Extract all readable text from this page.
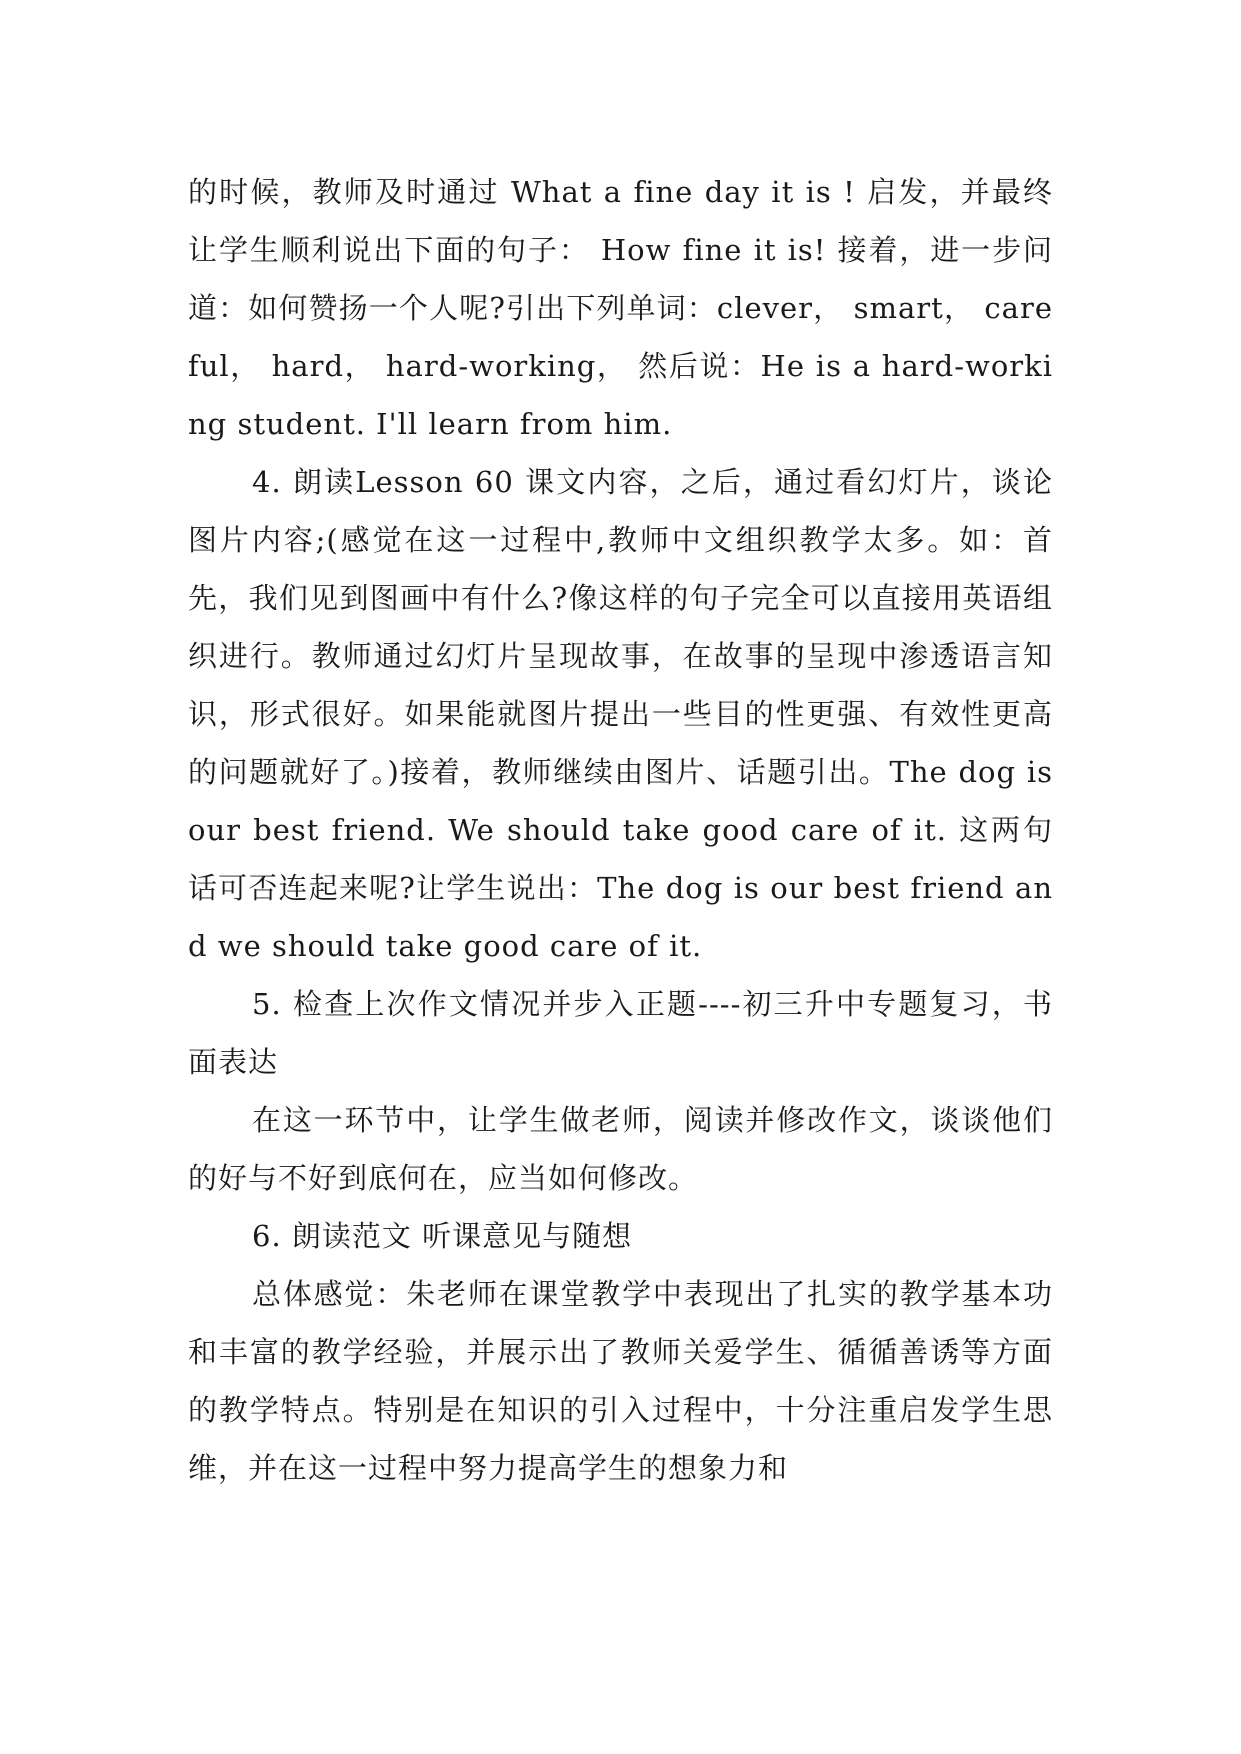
的时候，教师及时通过 What a fine day it is ! 启发，并最终让学生顺利说出下面的句子： How fine it is! 接着，进一步问道：如何赞扬一个人呢?引出下列单词：clever， smart， careful， hard， hard-working， 然后说：He is a hard-working student. I'll learn from him.

4. 朗读Lesson 60 课文内容，之后，通过看幻灯片，谈论图片内容;(感觉在这一过程中,教师中文组织教学太多。如：首先，我们见到图画中有什么?像这样的句子完全可以直接用英语组织进行。教师通过幻灯片呈现故事，在故事的呈现中渗透语言知识，形式很好。如果能就图片提出一些目的性更强、有效性更高的问题就好了。)接着，教师继续由图片、话题引出。The dog is our best friend. We should take good care of it. 这两句话可否连起来呢?让学生说出：The dog is our best friend and we should take good care of it.

5. 检查上次作文情况并步入正题----初三升中专题复习，书面表达

在这一环节中，让学生做老师，阅读并修改作文，谈谈他们的好与不好到底何在，应当如何修改。

6. 朗读范文 听课意见与随想

总体感觉：朱老师在课堂教学中表现出了扎实的教学基本功和丰富的教学经验，并展示出了教师关爱学生、循循善诱等方面的教学特点。特别是在知识的引入过程中，十分注重启发学生思维，并在这一过程中努力提高学生的想象力和
